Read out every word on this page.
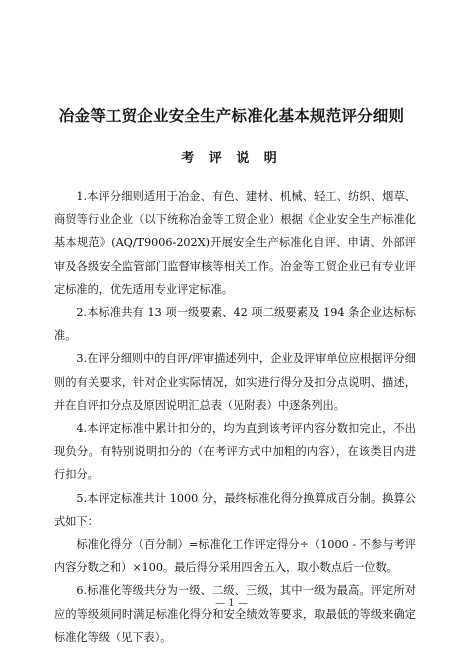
冶金等工贸企业安全生产标准化基本规范评分细则
考 评 说 明

1.本评分细则适用于冶金、有色、建材、机械、轻工、纺织、烟草、商贸等行业企业（以下统称冶金等工贸企业）根据《企业安全生产标准化基本规范》(AQ/T9006-202X)开展安全生产标准化自评、申请、外部评审及各级安全监管部门监督审核等相关工作。冶金等工贸企业已有专业评定标准的，优先适用专业评定标准。

2.本标准共有 13 项一级要素、42 项二级要素及 194 条企业达标标准。

3.在评分细则中的自评/评审描述列中，企业及评审单位应根据评分细则的有关要求，针对企业实际情况，如实进行得分及扣分点说明、描述，并在自评扣分点及原因说明汇总表（见附表）中逐条列出。

4.本评定标准中累计扣分的，均为直到该考评内容分数扣完止，不出现负分。有特别说明扣分的（在考评方式中加粗的内容），在该类目内进行扣分。

5.本评定标准共计 1000 分，最终标准化得分换算成百分制。换算公式如下：

标准化得分（百分制）=标准化工作评定得分÷（1000 - 不参与考评内容分数之和）×100。最后得分采用四舍五入，取小数点后一位数。

6.标准化等级共分为一级、二级、三级，其中一级为最高。评定所对应的等级须同时满足标准化得分和安全绩效等要求，取最低的等级来确定标准化等级（见下表）。

— 1 —
